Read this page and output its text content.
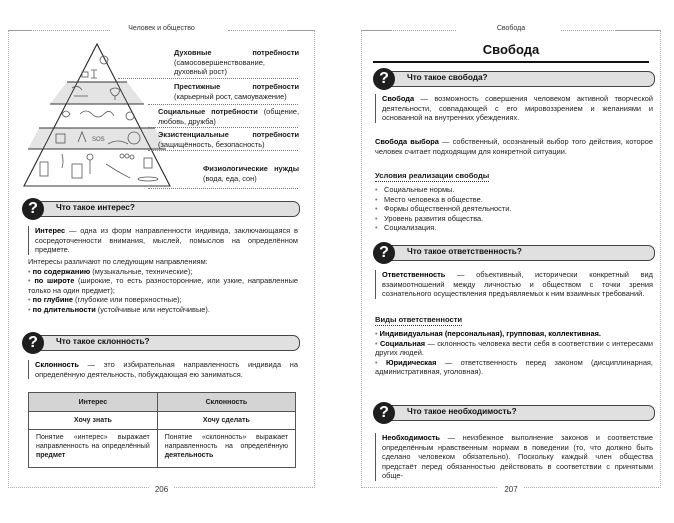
Человек и общество
206
SOS
Духовные потребности (самосовершенствование, духовный рост)
Престижные потребности (карьерный рост, самоуважение)
Социальные потребности (общение, любовь, дружба)
Экзистенциальные потребности (защищённость, безопасность)
Физиологические нужды (вода, еда, сон)
?	Что такое интерес?
Интерес — одна из форм направленности индивида, заключающаяся в сосредоточенности внимания, мыслей, помыслов на определённом предмете.
Интересы различают по следующим направлениям:
• по содержанию (музыкальные, технические);
• по широте (широкие, то есть разносторонние, или узкие, направленные только на один предмет);
• по глубине (глубокие или поверхностные);
• по длительности (устойчивые или неустойчивые).
?	Что такое склонность?
Склонность — это избирательная направленность индивида на определённую деятельность, побуждающая ею заниматься.
Интерес	Склонность
Хочу знать	Хочу сделать
Понятие «интерес» выражает направленность на определённый предмет	Понятие «склонность» выражает направленность на определённую деятельность
Свобода
207
Свобода
?	Что такое свобода?
Свобода — возможность совершения человеком активной творческой деятельности, совпадающей с его мировоззрением и желаниями и основанной на внутренних убеждениях.
Свобода выбора — собственный, осознанный выбор того действия, которое человек считает подходящим для конкретной ситуации.
Условия реализации свободы
• Социальные нормы.
• Место человека в обществе.
• Формы общественной деятельности.
• Уровень развития общества.
• Социализация.
?	Что такое ответственность?
Ответственность — объективный, исторически конкретный вид взаимоотношений между личностью и обществом с точки зрения сознательного осуществления предъявляемых к ним взаимных требований.
Виды ответственности
• Индивидуальная (персональная), групповая, коллективная.
• Социальная — склонность человека вести себя в соответствии с интересами других людей.
• Юридическая — ответственность перед законом (дисциплинарная, административная, уголовная).
?	Что такое необходимость?
Необходимость — неизбежное выполнение законов и соответствие определённым нравственным нормам в поведении (то, что должно быть сделано человеком обязательно). Поскольку каждый член общества предстаёт перед обязанностью действовать в соответствии с принятыми обще-
